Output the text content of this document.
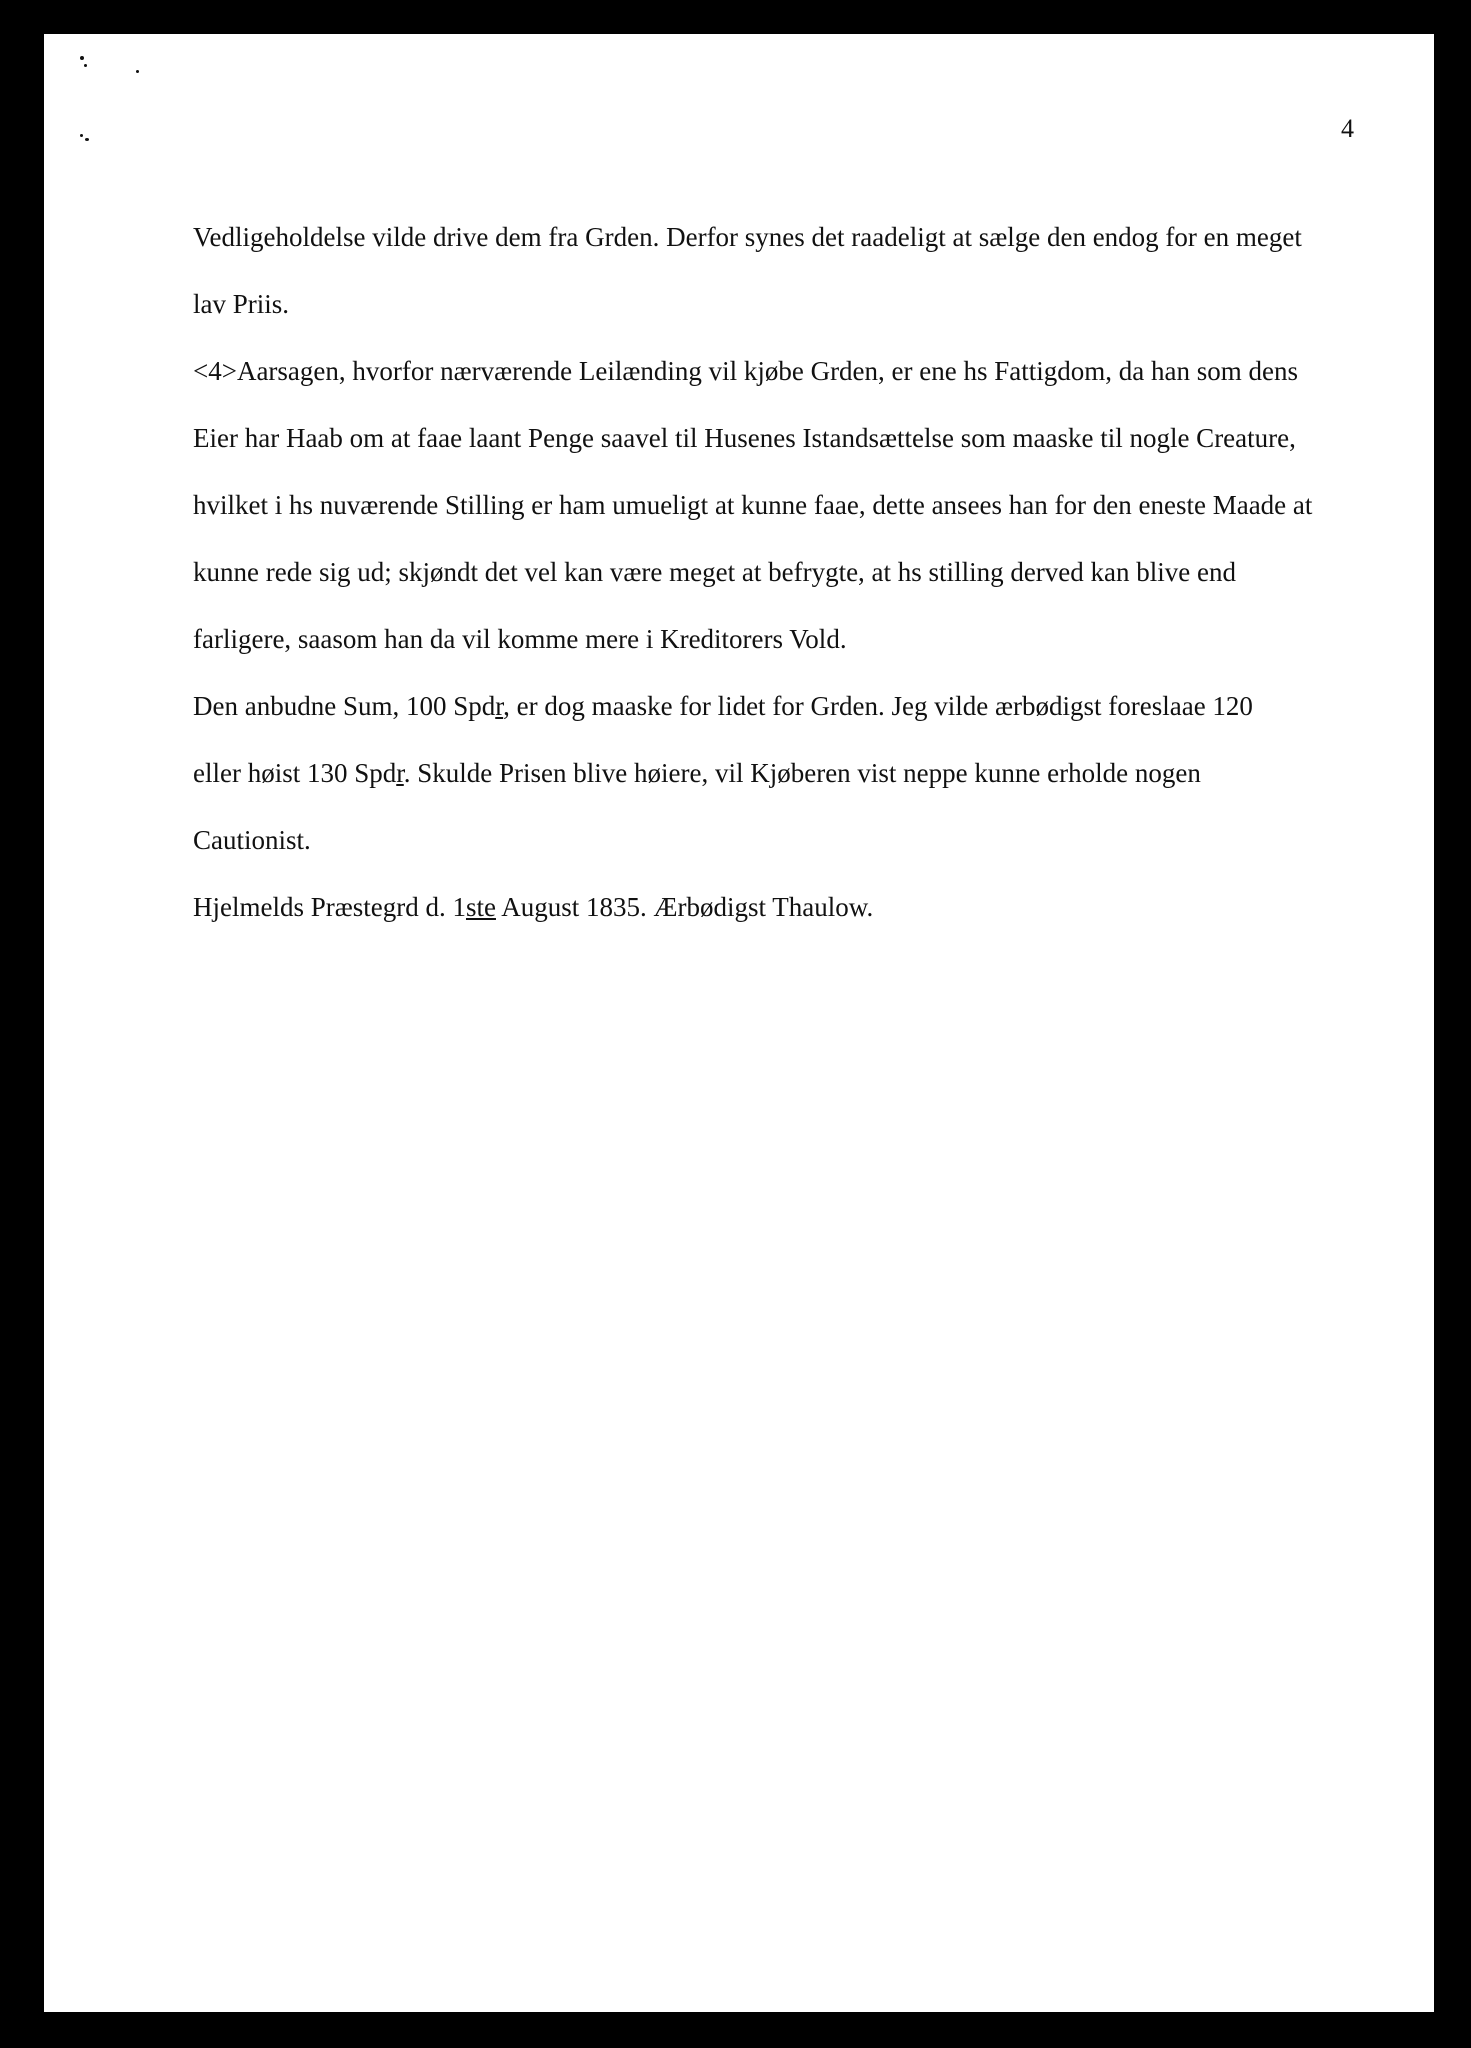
4
Vedligeholdelse vilde drive dem fra Grden. Derfor synes det raadeligt at sælge den endog for en meget
lav Priis.
<4>Aarsagen, hvorfor nærværende Leilænding vil kjøbe Grden, er ene hs Fattigdom, da han som dens
Eier har Haab om at faae laant Penge saavel til Husenes Istandsættelse som maaske til nogle Creature,
hvilket i hs nuværende Stilling er ham umueligt at kunne faae, dette ansees han for den eneste Maade at
kunne rede sig ud; skjøndt det vel kan være meget at befrygte, at hs stilling derved kan blive end
farligere, saasom han da vil komme mere i Kreditorers Vold.
Den anbudne Sum, 100 Spdr, er dog maaske for lidet for Grden. Jeg vilde ærbødigst foreslaae 120
eller høist 130 Spdr. Skulde Prisen blive høiere, vil Kjøberen vist neppe kunne erholde nogen
Cautionist.
Hjelmelds Præstegrd d. 1ste August 1835. Ærbødigst Thaulow.
